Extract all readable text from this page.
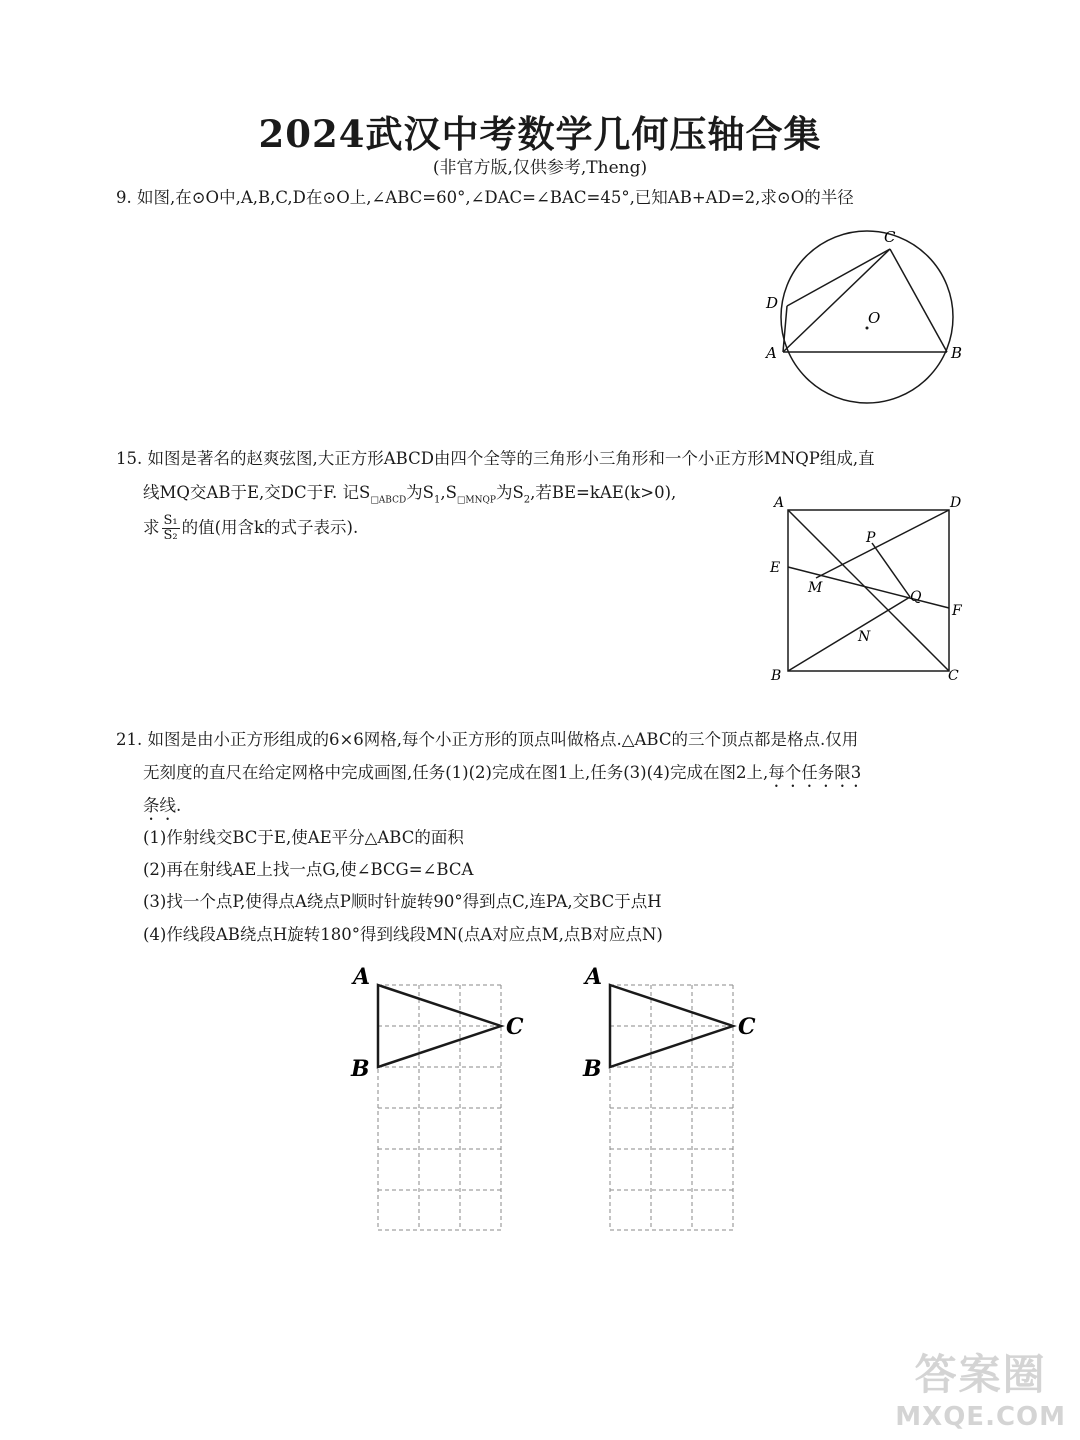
2024武汉中考数学几何压轴合集
(非官方版,仅供参考,Theng)
9. 如图,在⊙O中,A,B,C,D在⊙O上,∠ABC=60°,∠DAC=∠BAC=45°,已知AB+AD=2,求⊙O的半径
C
D
O
A	B
15. 如图是著名的赵爽弦图,大正方形ABCD由四个全等的三角形小三角形和一个小正方形MNQP组成,直
线MQ交AB于E,交DC于F. 记$S_{□ABCD}$为$S_1,S_{□MNQP}$为$S_2$,若BE=kAE(k>0),
求 $\frac{\text{S₁}}{\text{S₂}}$ 的值(用含k的式子表示).
A	D
E
P
M
Q
F
N
B	C
21. 如图是由小正方形组成的6×6网格,每个小正方形的顶点叫做格点.△ABC的三个顶点都是格点.仅用
无刻度的直尺在给定网格中完成画图,任务(1)(2)完成在图1上,任务(3)(4)完成在图2上,每个任务限3
条线.
(1)作射线交BC于E,使AE平分△ABC的面积
(2)再在射线AE上找一点G,使∠BCG=∠BCA
(3)找一个点P,使得点A绕点P顺时针旋转90°得到点C,连PA,交BC于点H
(4)作线段AB绕点H旋转180°得到线段MN(点A对应点M,点B对应点N)
A
C
B
A
C
B
答案圈
MXQE.COM
